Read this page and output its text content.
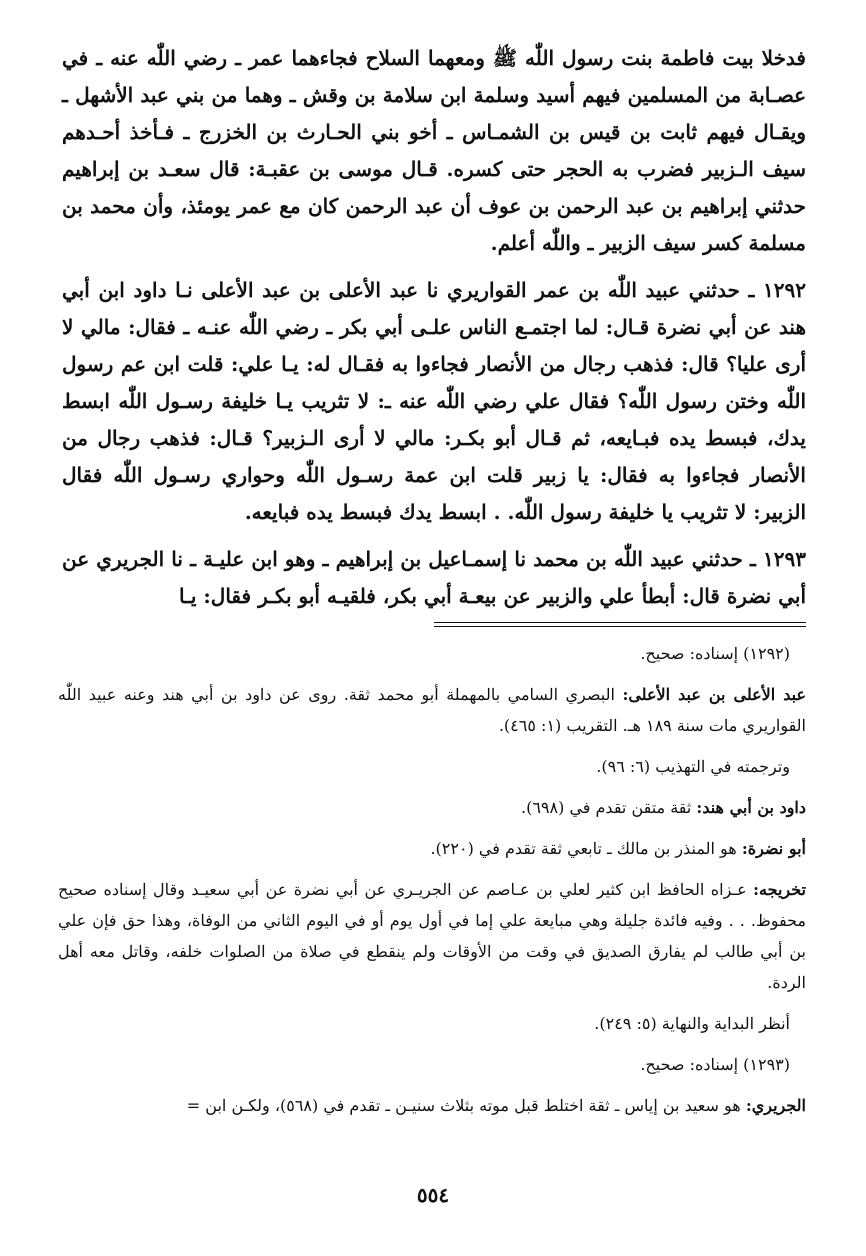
فدخلا بيت فاطمة بنت رسول اللّٰه ﷺ ومعهما السلاح فجاءهما عمر ـ رضي اللّٰه عنه ـ في عصـابة من المسلمين فيهم أسيد وسلمة ابن سلامة بن وقش ـ وهما من بني عبد الأشهل ـ ويقـال فيهم ثابت بن قيس بن الشمـاس ـ أخو بني الحـارث بن الخزرج ـ فـأخذ أحـدهم سيف الـزبير فضرب به الحجر حتى كسره. قـال موسى بن عقبـة: قال سعـد بن إبراهيم حدثني إبراهيم بن عبد الرحمن بن عوف أن عبد الرحمن كان مع عمر يومئذ، وأن محمد بن مسلمة كسر سيف الزبير ـ واللّٰه أعلم.

١٢٩٢ ـ حدثني عبيد اللّٰه بن عمر القواريري نا عبد الأعلى بن عبد الأعلى نـا داود ابن أبي هند عن أبي نضرة قـال: لما اجتمـع الناس علـى أبي بكر ـ رضي اللّٰه عنـه ـ فقال: مالي لا أرى عليا؟ قال: فذهب رجال من الأنصار فجاءوا به فقـال له: يـا علي: قلت ابن عم رسول اللّٰه وختن رسول اللّٰه؟ فقال علي رضي اللّٰه عنه ـ: لا تثريب يـا خليفة رسـول اللّٰه ابسط يدك، فبسط يده فبـايعه، ثم قـال أبو بكـر: مالي لا أرى الـزبير؟ قـال: فذهب رجال من الأنصار فجاءوا به فقال: يا زبير قلت ابن عمة رسـول اللّٰه وحواري رسـول اللّٰه فقال الزبير: لا تثريب يا خليفة رسول اللّٰه. . ابسط يدك فبسط يده فبايعه.

١٢٩٣ ـ حدثني عبيد اللّٰه بن محمد نا إسمـاعيل بن إبراهيم ـ وهو ابن عليـة ـ نا الجريري عن أبي نضرة قال: أبطأ علي والزبير عن بيعـة أبي بكر، فلقيـه أبو بكـر فقال: يـا

(١٢٩٢) إسناده: صحيح.

عبد الأعلى بن عبد الأعلى: البصري السامي بالمهملة أبو محمد ثقة. روى عن داود بن أبي هند وعنه عبيد اللّٰه القواريري مات سنة ١٨٩ هـ. التقريب (١: ٤٦٥).

وترجمته في التهذيب (٦: ٩٦).

داود بن أبي هند: ثقة متقن تقدم في (٦٩٨).

أبو نضرة: هو المنذر بن مالك ـ تابعي ثقة تقدم في (٢٢٠).

تخريجه: عـزاه الحافظ ابن كثير لعلي بن عـاصم عن الجريـري عن أبي نضرة عن أبي سعيـد وقال إسناده صحيح محفوظ. . . وفيه فائدة جليلة وهي مبايعة علي إما في أول يوم أو في اليوم الثاني من الوفاة، وهذا حق فإن علي بن أبي طالب لم يفارق الصديق في وقت من الأوقات ولم ينقطع في صلاة من الصلوات خلفه، وقاتل معه أهل الردة.

أنظر البداية والنهاية (٥: ٢٤٩).

(١٢٩٣) إسناده: صحيح.

الجريري: هو سعيد بن إياس ـ ثقة اختلط قبل موته بثلاث سنيـن ـ تقدم في (٥٦٨)، ولكـن ابن =

٥٥٤
